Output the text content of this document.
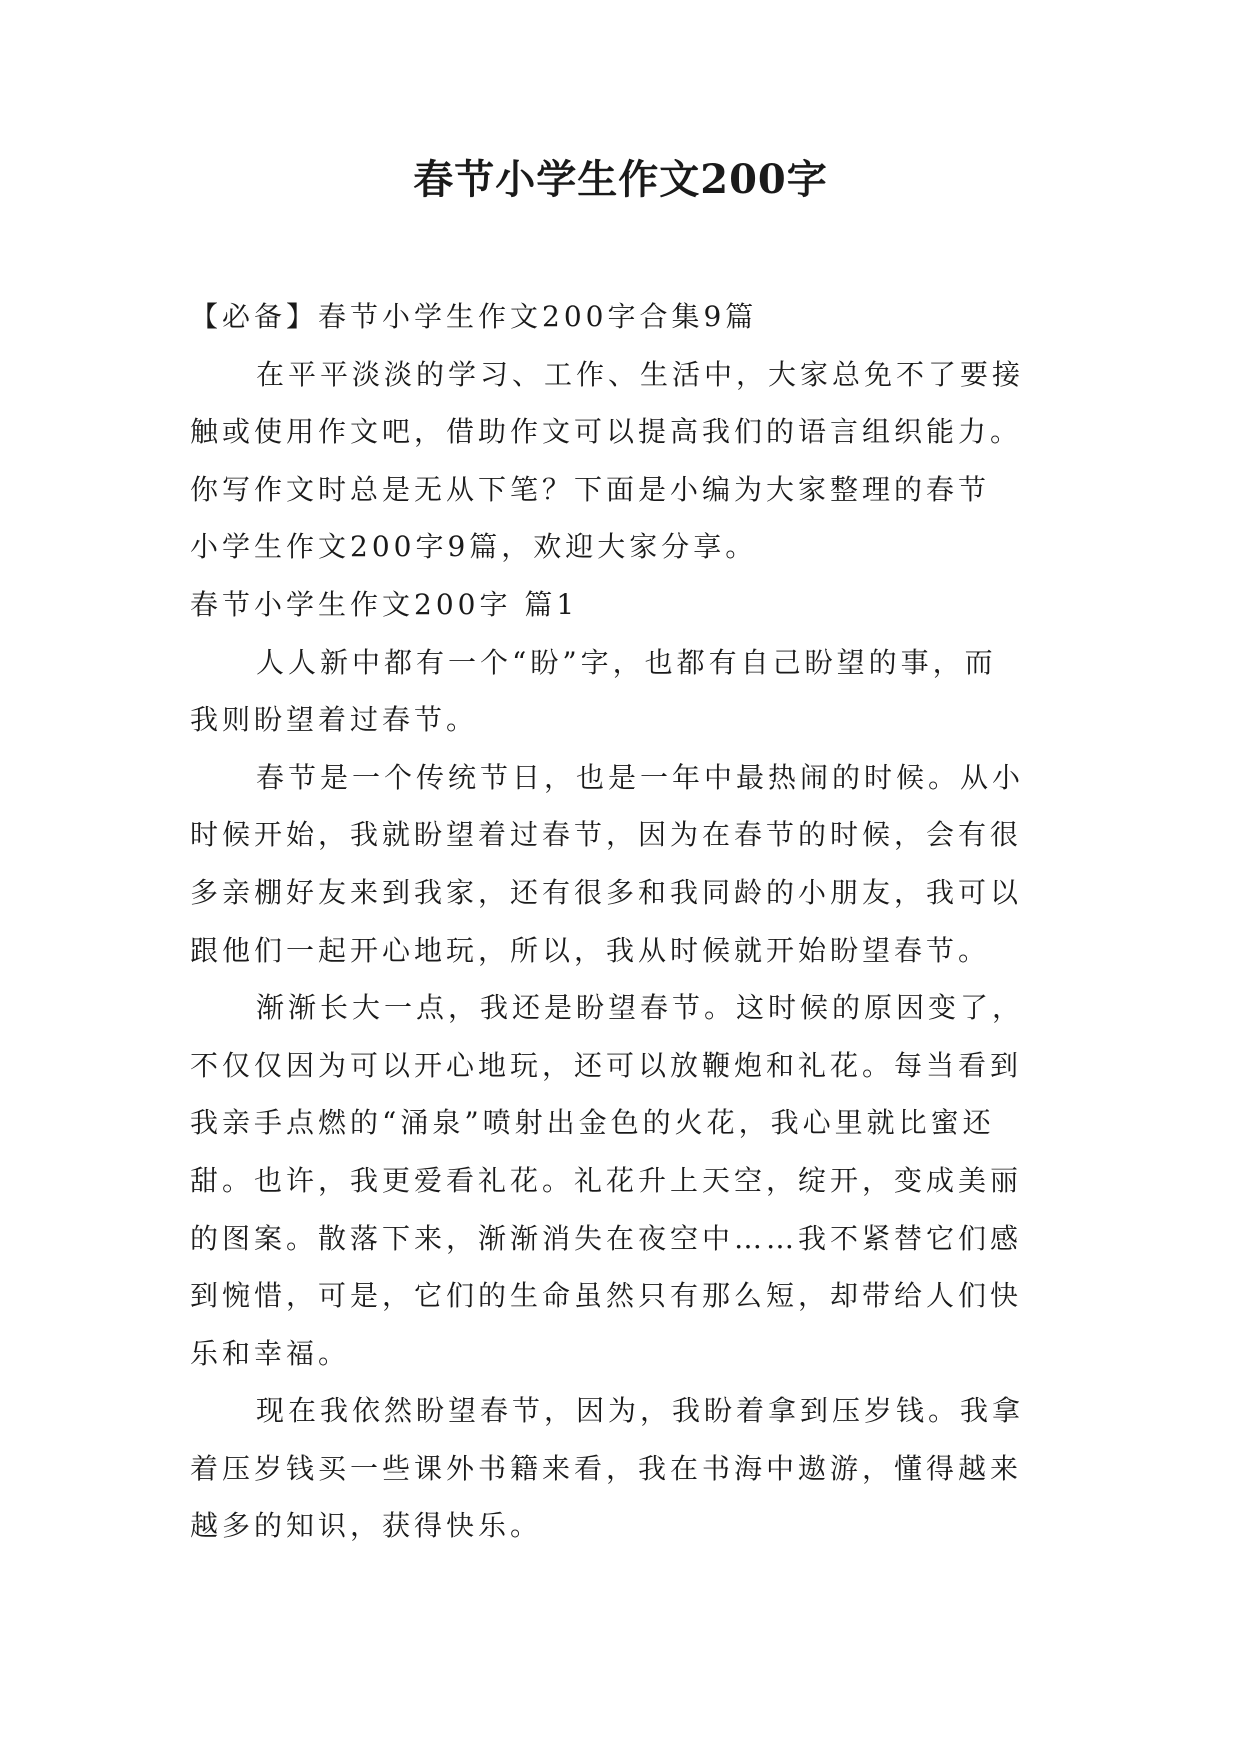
春节小学生作文200字
【必备】春节小学生作文200字合集9篇
在平平淡淡的学习、工作、生活中，大家总免不了要接
触或使用作文吧，借助作文可以提高我们的语言组织能力。
你写作文时总是无从下笔？下面是小编为大家整理的春节
小学生作文200字9篇，欢迎大家分享。
春节小学生作文200字 篇1
人人新中都有一个“盼”字，也都有自己盼望的事，而
我则盼望着过春节。
春节是一个传统节日，也是一年中最热闹的时候。从小
时候开始，我就盼望着过春节，因为在春节的时候，会有很
多亲棚好友来到我家，还有很多和我同龄的小朋友，我可以
跟他们一起开心地玩，所以，我从时候就开始盼望春节。
渐渐长大一点，我还是盼望春节。这时候的原因变了，
不仅仅因为可以开心地玩，还可以放鞭炮和礼花。每当看到
我亲手点燃的“涌泉”喷射出金色的火花，我心里就比蜜还
甜。也许，我更爱看礼花。礼花升上天空，绽开，变成美丽
的图案。散落下来，渐渐消失在夜空中……我不紧替它们感
到惋惜，可是，它们的生命虽然只有那么短，却带给人们快
乐和幸福。
现在我依然盼望春节，因为，我盼着拿到压岁钱。我拿
着压岁钱买一些课外书籍来看，我在书海中遨游，懂得越来
越多的知识，获得快乐。
